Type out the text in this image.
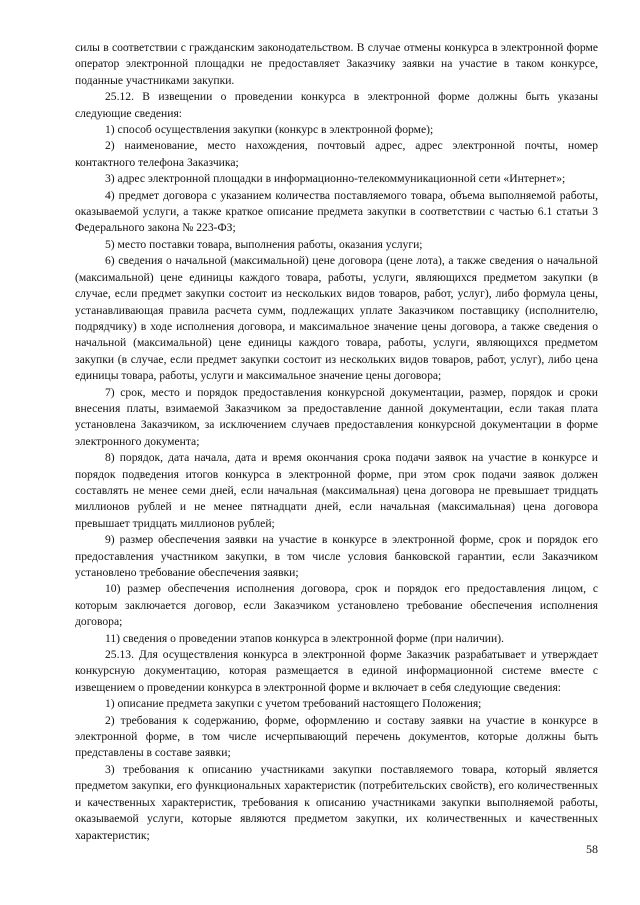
силы в соответствии с гражданским законодательством. В случае отмены конкурса в электронной форме оператор электронной площадки не предоставляет Заказчику заявки на участие в таком конкурсе, поданные участниками закупки.

25.12. В извещении о проведении конкурса в электронной форме должны быть указаны следующие сведения:

1) способ осуществления закупки (конкурс в электронной форме);

2) наименование, место нахождения, почтовый адрес, адрес электронной почты, номер контактного телефона Заказчика;

3) адрес электронной площадки в информационно-телекоммуникационной сети «Интернет»;

4) предмет договора с указанием количества поставляемого товара, объема выполняемой работы, оказываемой услуги, а также краткое описание предмета закупки в соответствии с частью 6.1 статьи 3 Федерального закона № 223-ФЗ;

5) место поставки товара, выполнения работы, оказания услуги;

6) сведения о начальной (максимальной) цене договора (цене лота), а также сведения о начальной (максимальной) цене единицы каждого товара, работы, услуги, являющихся предметом закупки (в случае, если предмет закупки состоит из нескольких видов товаров, работ, услуг), либо формула цены, устанавливающая правила расчета сумм, подлежащих уплате Заказчиком поставщику (исполнителю, подрядчику) в ходе исполнения договора, и максимальное значение цены договора, а также сведения о начальной (максимальной) цене единицы каждого товара, работы, услуги, являющихся предметом закупки (в случае, если предмет закупки состоит из нескольких видов товаров, работ, услуг), либо цена единицы товара, работы, услуги и максимальное значение цены договора;

7) срок, место и порядок предоставления конкурсной документации, размер, порядок и сроки внесения платы, взимаемой Заказчиком за предоставление данной документации, если такая плата установлена Заказчиком, за исключением случаев предоставления конкурсной документации в форме электронного документа;

8) порядок, дата начала, дата и время окончания срока подачи заявок на участие в конкурсе и порядок подведения итогов конкурса в электронной форме, при этом срок подачи заявок должен составлять не менее семи дней, если начальная (максимальная) цена договора не превышает тридцать миллионов рублей и не менее пятнадцати дней, если начальная (максимальная) цена договора превышает тридцать миллионов рублей;

9) размер обеспечения заявки на участие в конкурсе в электронной форме, срок и порядок его предоставления участником закупки, в том числе условия банковской гарантии, если Заказчиком установлено требование обеспечения заявки;

10) размер обеспечения исполнения договора, срок и порядок его предоставления лицом, с которым заключается договор, если Заказчиком установлено требование обеспечения исполнения договора;

11) сведения о проведении этапов конкурса в электронной форме (при наличии).

25.13. Для осуществления конкурса в электронной форме Заказчик разрабатывает и утверждает конкурсную документацию, которая размещается в единой информационной системе вместе с извещением о проведении конкурса в электронной форме и включает в себя следующие сведения:

1) описание предмета закупки с учетом требований настоящего Положения;

2) требования к содержанию, форме, оформлению и составу заявки на участие в конкурсе в электронной форме, в том числе исчерпывающий перечень документов, которые должны быть представлены в составе заявки;

3) требования к описанию участниками закупки поставляемого товара, который является предметом закупки, его функциональных характеристик (потребительских свойств), его количественных и качественных характеристик, требования к описанию участниками закупки выполняемой работы, оказываемой услуги, которые являются предметом закупки, их количественных и качественных характеристик;

58
